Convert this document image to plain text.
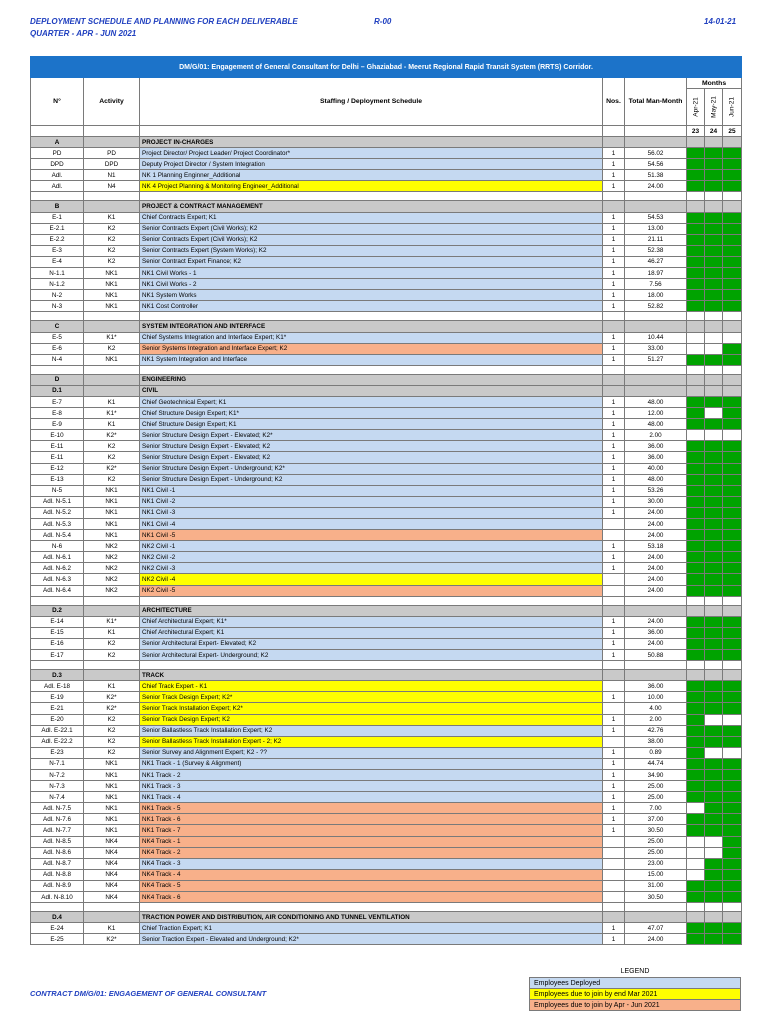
DEPLOYMENT SCHEDULE AND PLANNING FOR EACH DELIVERABLE
QUARTER - APR - JUN 2021
R-00	14-01-21
DM/G/01: Engagement of General Consultant for Delhi – Ghaziabad - Meerut Regional Rapid Transit System (RRTS) Corridor.							
N°	Activity	Staffing / Deployment Schedule	Nos.	Total Man-Month	Months		

					Apr-21	May-21	Jun-21

					23	24	25
A		PROJECT IN-CHARGES					
PD	PD	Project Director/ Project Leader/ Project Coordinator*	1	56.02			
DPD	DPD	Deputy Project Director / System Integration	1	54.56			
Adl.	N1	NK 1 Planning Enginner_Additional	1	51.38			
Adl.	N4	NK 4 Project Planning & Monitoring Engineer_Additional	1	24.00			

B		PROJECT & CONTRACT MANAGEMENT					
E-1	K1	Chief Contracts Expert; K1	1	54.53			
E-2.1	K2	Senior Contracts Expert (Civil Works); K2	1	13.00			
E-2.2	K2	Senior Contracts Expert (Civil Works); K2	1	21.11			
E-3	K2	Senior Contracts Expert (System Works); K2	1	52.38			
E-4	K2	Senior Contract Expert Finance; K2	1	46.27			
N-1.1	NK1	NK1 Civil Works - 1	1	18.97			
N-1.2	NK1	NK1 Civil Works - 2	1	7.56			
N-2	NK1	NK1 System Works	1	18.00			
N-3	NK1	NK1 Cost Controller	1	52.82			

C		SYSTEM INTEGRATION AND INTERFACE					
E-5	K1*	Chief Systems Integration and Interface Expert; K1*	1	10.44			
E-6	K2	Senior Systems Integration and Interface Expert; K2	1	33.00			
N-4	NK1	NK1 System Integration and Interface	1	51.27			

D		ENGINEERING					
D.1		CIVIL					
E-7	K1	Chief Geotechnical Expert; K1	1	48.00			
E-8	K1*	Chief Structure Design Expert; K1*	1	12.00			
E-9	K1	Chief Structure Design Expert; K1	1	48.00			
E-10	K2*	Senior Structure Design Expert - Elevated; K2*	1	2.00			
E-11	K2	Senior Structure Design Expert - Elevated; K2	1	36.00			
E-11	K2	Senior Structure Design Expert - Elevated; K2	1	36.00			
E-12	K2*	Senior Structure Design Expert - Underground; K2*	1	40.00			
E-13	K2	Senior Structure Design Expert - Underground; K2	1	48.00			
N-5	NK1	NK1 Civil -1	1	53.26			
Adl. N-5.1	NK1	NK1 Civil -2	1	30.00			
Adl. N-5.2	NK1	NK1 Civil -3	1	24.00			
Adl. N-5.3	NK1	NK1 Civil -4		24.00			
Adl. N-5.4	NK1	NK1 Civil -5		24.00			
N-6	NK2	NK2 Civil -1	1	53.18			
Adl. N-6.1	NK2	NK2 Civil -2	1	24.00			
Adl. N-6.2	NK2	NK2 Civil -3	1	24.00			
Adl. N-6.3	NK2	NK2 Civil -4		24.00			
Adl. N-6.4	NK2	NK2 Civil -5		24.00			

D.2		ARCHITECTURE					
E-14	K1*	Chief Architectural Expert; K1*	1	24.00			
E-15	K1	Chief Architectural Expert; K1	1	36.00			
E-16	K2	Senior Architectural Expert- Elevated; K2	1	24.00			
E-17	K2	Senior Architectural Expert- Underground; K2	1	50.88			

D.3		TRACK					
Adl. E-18	K1	Chief Track Expert - K1		36.00			
E-19	K2*	Senior Track Design Expert; K2*	1	10.00			
E-21	K2*	Senior Track Installation Expert; K2*		4.00			
E-20	K2	Senior Track Design Expert; K2	1	2.00			
Adl. E-22.1	K2	Senior Ballastless Track Installation Expert; K2	1	42.76			
Adl. E-22.2	K2	Senior Ballastless Track Installation Expert - 2; K2		38.00			
E-23	K2	Senior Survey and Alignment Expert; K2 - ??	1	0.89			
N-7.1	NK1	NK1 Track - 1 (Survey & Alignment)	1	44.74			
N-7.2	NK1	NK1 Track - 2	1	34.90			
N-7.3	NK1	NK1 Track - 3	1	25.00			
N-7.4	NK1	NK1 Track - 4	1	25.00			
Adl. N-7.5	NK1	NK1 Track - 5	1	7.00			
Adl. N-7.6	NK1	NK1 Track - 6	1	37.00			
Adl. N-7.7	NK1	NK1 Track - 7	1	30.50			
Adl. N-8.5	NK4	NK4 Track - 1		25.00			
Adl. N-8.6	NK4	NK4 Track - 2		25.00			
Adl. N-8.7	NK4	NK4 Track - 3		23.00			
Adl. N-8.8	NK4	NK4 Track - 4		15.00			
Adl. N-8.9	NK4	NK4 Track - 5		31.00			
Adl. N-8.10	NK4	NK4 Track - 6		30.50			

D.4		TRACTION POWER AND DISTRIBUTION, AIR CONDITIONING AND TUNNEL VENTILATION					
E-24	K1	Chief Traction Expert; K1	1	47.07			
E-25	K2*	Senior Traction Expert - Elevated and Underground; K2*	1	24.00			
LEGEND
Employees Deployed
Employees due to join by end Mar 2021
Employees due to join by Apr - Jun 2021
CONTRACT DM/G/01: ENGAGEMENT OF GENERAL CONSULTANT
